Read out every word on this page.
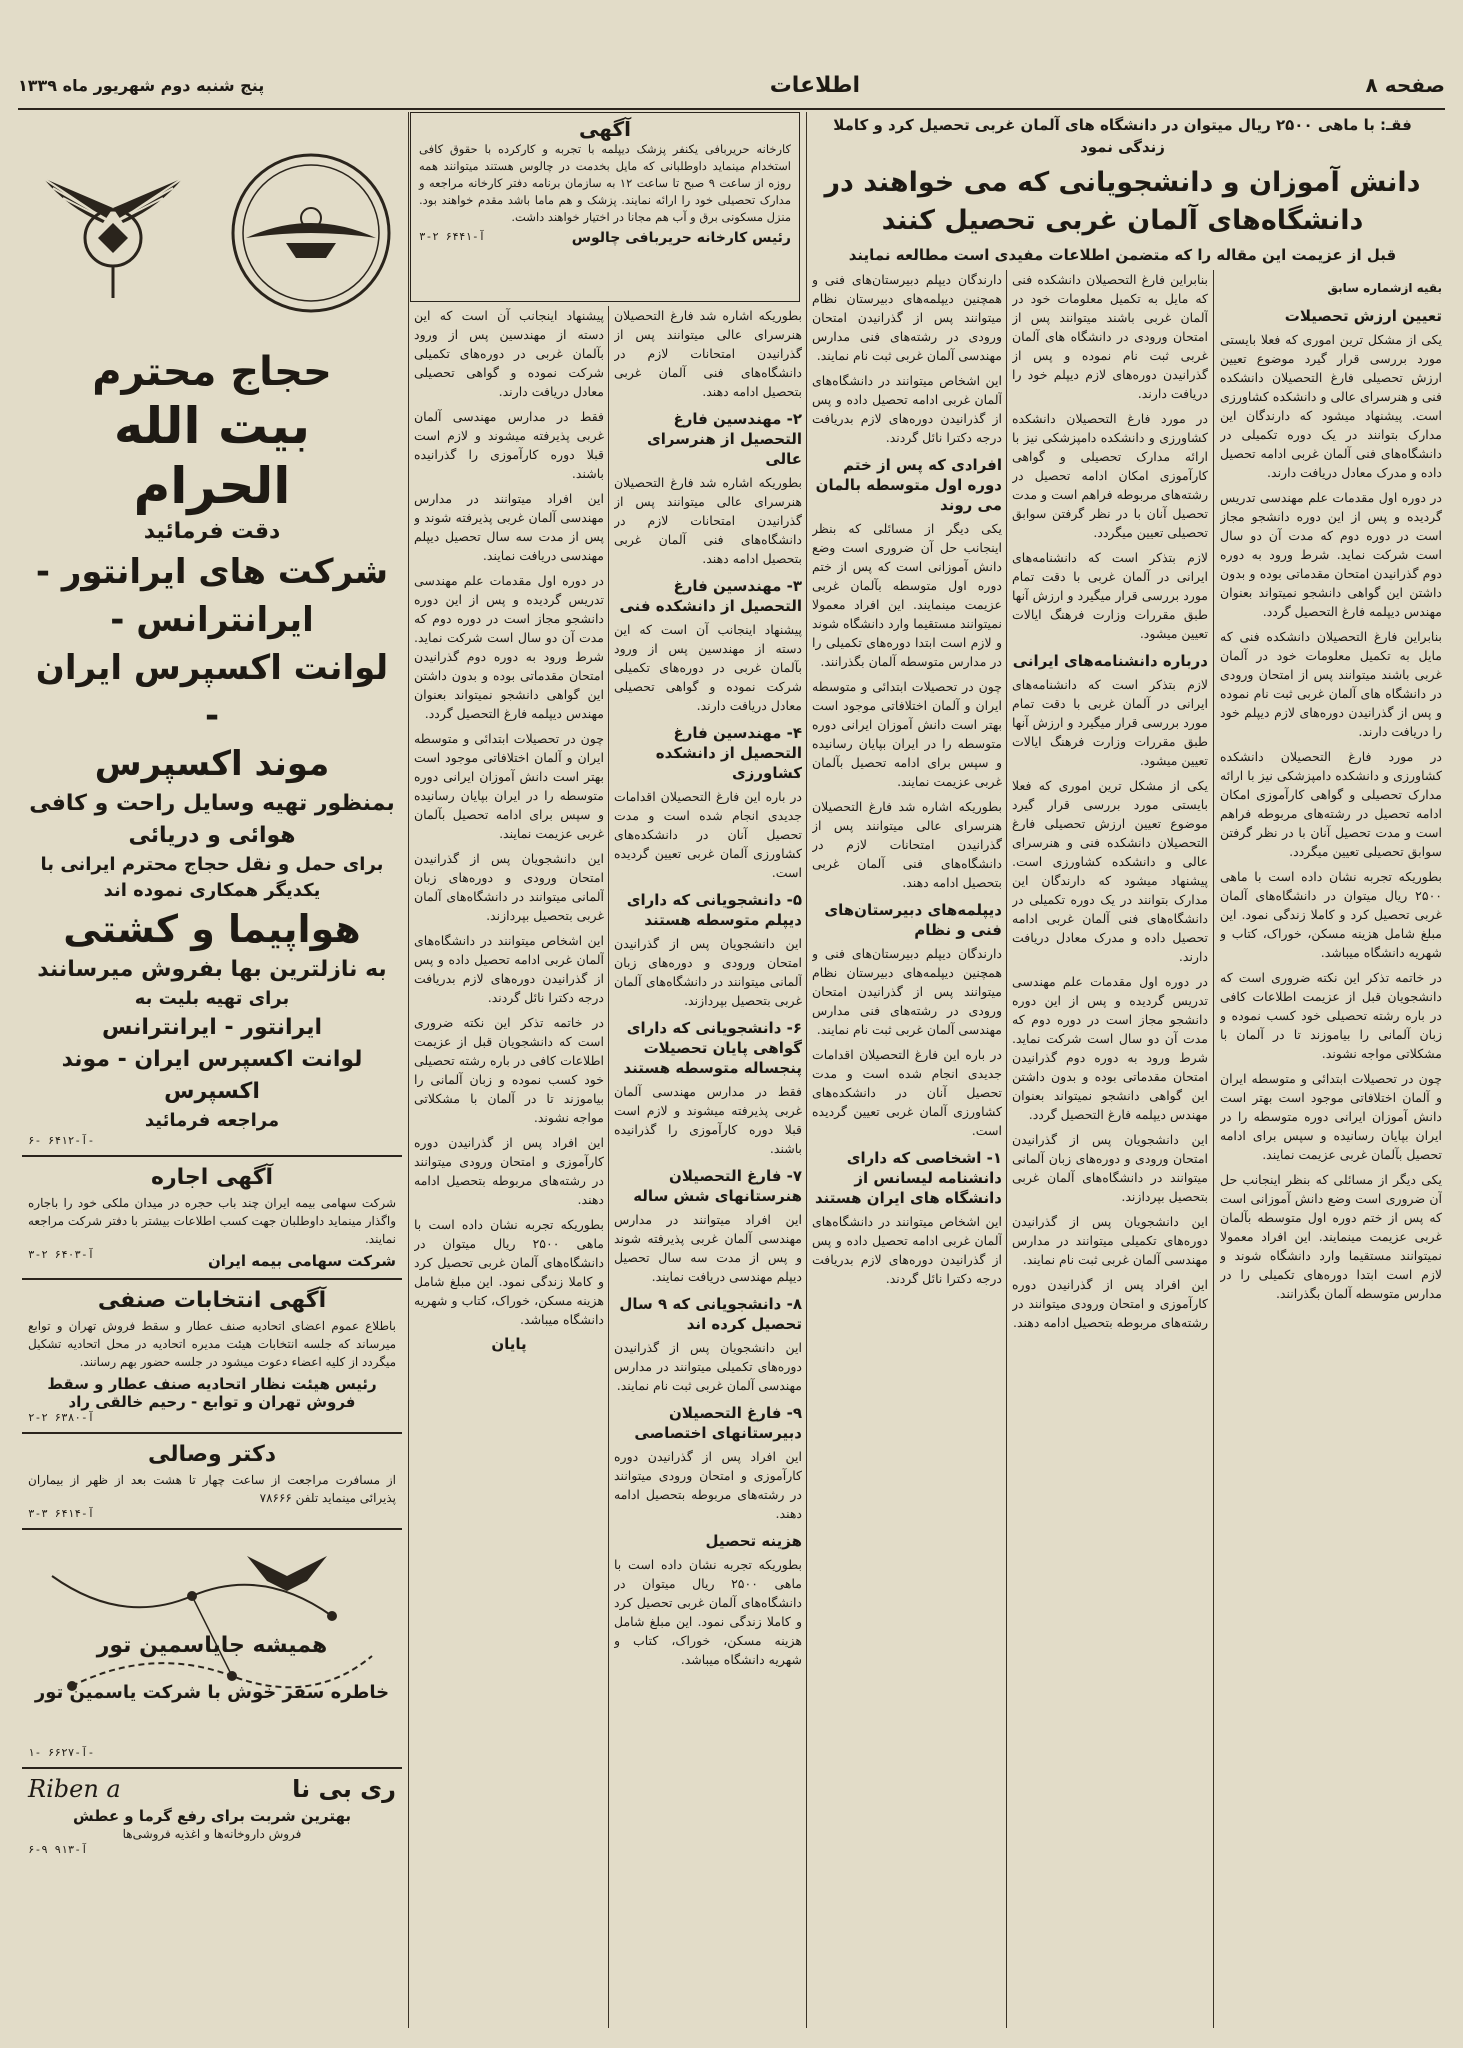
صفحه ۸
اطلاعات
پنج شنبه دوم شهریور ماه ۱۳۳۹
فقـ: با ماهی ۲۵۰۰ ریال میتوان در دانشگاه های آلمان غربی تحصیل کرد و کاملا زندگی نمود
دانش آموزان و دانشجویانی که می خواهند در دانشگاه‌های آلمان غربی تحصیل کنند
قبل از عزیمت این مقاله را که متضمن اطلاعات مفیدی است مطالعه نمایند
بقیه ازشماره سابق
تعیین ارزش تحصیلات

یکی از مشکل ترین اموری که فعلا بایستی مورد بررسی قرار گیرد موضوع تعیین ارزش تحصیلی فارغ التحصیلان دانشکده فنی و هنرسرای عالی و دانشکده کشاورزی است. پیشنهاد میشود که دارندگان این مدارک بتوانند در یک دوره تکمیلی در دانشگاه‌های فنی آلمان غربی ادامه تحصیل داده و مدرک معادل دریافت دارند.

در دوره اول مقدمات علم مهندسی تدریس گردیده و پس از این دوره دانشجو مجاز است در دوره دوم که مدت آن دو سال است شرکت نماید. شرط ورود به دوره دوم گذرانیدن امتحان مقدماتی بوده و بدون داشتن این گواهی دانشجو نمیتواند بعنوان مهندس دیپلمه فارغ التحصیل گردد.

بنابراین فارغ التحصیلان دانشکده فنی که مایل به تکمیل معلومات خود در آلمان غربی باشند میتوانند پس از امتحان ورودی در دانشگاه های آلمان غربی ثبت نام نموده و پس از گذرانیدن دوره‌های لازم دیپلم خود را دریافت دارند.

در مورد فارغ التحصیلان دانشکده کشاورزی و دانشکده دامپزشکی نیز با ارائه مدارک تحصیلی و گواهی کارآموزی امکان ادامه تحصیل در رشته‌های مربوطه فراهم است و مدت تحصیل آنان با در نظر گرفتن سوابق تحصیلی تعیین میگردد.

بطوریکه تجربه نشان داده است با ماهی ۲۵۰۰ ریال میتوان در دانشگاه‌های آلمان غربی تحصیل کرد و کاملا زندگی نمود. این مبلغ شامل هزینه مسکن، خوراک، کتاب و شهریه دانشگاه میباشد.

در خاتمه تذکر این نکته ضروری است که دانشجویان قبل از عزیمت اطلاعات کافی در باره رشته تحصیلی خود کسب نموده و زبان آلمانی را بیاموزند تا در آلمان با مشکلاتی مواجه نشوند.

چون در تحصیلات ابتدائی و متوسطه ایران و آلمان اختلافاتی موجود است بهتر است دانش آموزان ایرانی دوره متوسطه را در ایران بپایان رسانیده و سپس برای ادامه تحصیل بآلمان غربی عزیمت نمایند.

یکی دیگر از مسائلی که بنظر اینجانب حل آن ضروری است وضع دانش آموزانی است که پس از ختم دوره اول متوسطه بآلمان غربی عزیمت مینمایند. این افراد معمولا نمیتوانند مستقیما وارد دانشگاه شوند و لازم است ابتدا دوره‌های تکمیلی را در مدارس متوسطه آلمان بگذرانند.

بنابراین فارغ التحصیلان دانشکده فنی که مایل به تکمیل معلومات خود در آلمان غربی باشند میتوانند پس از امتحان ورودی در دانشگاه های آلمان غربی ثبت نام نموده و پس از گذرانیدن دوره‌های لازم دیپلم خود را دریافت دارند.

در مورد فارغ التحصیلان دانشکده کشاورزی و دانشکده دامپزشکی نیز با ارائه مدارک تحصیلی و گواهی کارآموزی امکان ادامه تحصیل در رشته‌های مربوطه فراهم است و مدت تحصیل آنان با در نظر گرفتن سوابق تحصیلی تعیین میگردد.

لازم بتذکر است که دانشنامه‌های ایرانی در آلمان غربی با دقت تمام مورد بررسی قرار میگیرد و ارزش آنها طبق مقررات وزارت فرهنگ ایالات تعیین میشود.

درباره دانشنامه‌های ایرانی

لازم بتذکر است که دانشنامه‌های ایرانی در آلمان غربی با دقت تمام مورد بررسی قرار میگیرد و ارزش آنها طبق مقررات وزارت فرهنگ ایالات تعیین میشود.

یکی از مشکل ترین اموری که فعلا بایستی مورد بررسی قرار گیرد موضوع تعیین ارزش تحصیلی فارغ التحصیلان دانشکده فنی و هنرسرای عالی و دانشکده کشاورزی است. پیشنهاد میشود که دارندگان این مدارک بتوانند در یک دوره تکمیلی در دانشگاه‌های فنی آلمان غربی ادامه تحصیل داده و مدرک معادل دریافت دارند.

در دوره اول مقدمات علم مهندسی تدریس گردیده و پس از این دوره دانشجو مجاز است در دوره دوم که مدت آن دو سال است شرکت نماید. شرط ورود به دوره دوم گذرانیدن امتحان مقدماتی بوده و بدون داشتن این گواهی دانشجو نمیتواند بعنوان مهندس دیپلمه فارغ التحصیل گردد.

این دانشجویان پس از گذرانیدن امتحان ورودی و دوره‌های زبان آلمانی میتوانند در دانشگاه‌های آلمان غربی بتحصیل بپردازند.

این دانشجویان پس از گذرانیدن دوره‌های تکمیلی میتوانند در مدارس مهندسی آلمان غربی ثبت نام نمایند.

این افراد پس از گذرانیدن دوره کارآموزی و امتحان ورودی میتوانند در رشته‌های مربوطه بتحصیل ادامه دهند.

دارندگان دیپلم دبیرستان‌های فنی و همچنین دیپلمه‌های دبیرستان نظام میتوانند پس از گذرانیدن امتحان ورودی در رشته‌های فنی مدارس مهندسی آلمان غربی ثبت نام نمایند.

این اشخاص میتوانند در دانشگاه‌های آلمان غربی ادامه تحصیل داده و پس از گذرانیدن دوره‌های لازم بدریافت درجه دکترا نائل گردند.

افرادی که پس از ختم دوره اول متوسطه بالمان می روند

یکی دیگر از مسائلی که بنظر اینجانب حل آن ضروری است وضع دانش آموزانی است که پس از ختم دوره اول متوسطه بآلمان غربی عزیمت مینمایند. این افراد معمولا نمیتوانند مستقیما وارد دانشگاه شوند و لازم است ابتدا دوره‌های تکمیلی را در مدارس متوسطه آلمان بگذرانند.

چون در تحصیلات ابتدائی و متوسطه ایران و آلمان اختلافاتی موجود است بهتر است دانش آموزان ایرانی دوره متوسطه را در ایران بپایان رسانیده و سپس برای ادامه تحصیل بآلمان غربی عزیمت نمایند.

بطوریکه اشاره شد فارغ التحصیلان هنرسرای عالی میتوانند پس از گذرانیدن امتحانات لازم در دانشگاه‌های فنی آلمان غربی بتحصیل ادامه دهند.

دیپلمه‌های دبیرستان‌های فنی و نظام

دارندگان دیپلم دبیرستان‌های فنی و همچنین دیپلمه‌های دبیرستان نظام میتوانند پس از گذرانیدن امتحان ورودی در رشته‌های فنی مدارس مهندسی آلمان غربی ثبت نام نمایند.

در باره این فارغ التحصیلان اقدامات جدیدی انجام شده است و مدت تحصیل آنان در دانشکده‌های کشاورزی آلمان غربی تعیین گردیده است.

۱- اشخاصی که دارای دانشنامه لیسانس از دانشگاه های ایران هستند

این اشخاص میتوانند در دانشگاه‌های آلمان غربی ادامه تحصیل داده و پس از گذرانیدن دوره‌های لازم بدریافت درجه دکترا نائل گردند.

آگهی
کارخانه حریربافی یکنفر پزشک دیپلمه با تجربه و کارکرده با حقوق کافی استخدام مینماید داوطلبانی که مایل بخدمت در چالوس هستند میتوانند همه روزه از ساعت ۹ صبح تا ساعت ۱۲ به سازمان برنامه دفتر کارخانه مراجعه و مدارک تحصیلی خود را ارائه نمایند. پزشک و هم ماما باشد مقدم خواهند بود. منزل مسکونی برق و آب هم مجانا در اختیار خواهند داشت.
رئیس کارخانه حریربافی چالوس
آ-۶۴۴۱ ۲-۳

بطوریکه اشاره شد فارغ التحصیلان هنرسرای عالی میتوانند پس از گذرانیدن امتحانات لازم در دانشگاه‌های فنی آلمان غربی بتحصیل ادامه دهند.

۲- مهندسین فارغ التحصیل از هنرسرای عالی

بطوریکه اشاره شد فارغ التحصیلان هنرسرای عالی میتوانند پس از گذرانیدن امتحانات لازم در دانشگاه‌های فنی آلمان غربی بتحصیل ادامه دهند.

۳- مهندسین فارغ التحصیل از دانشکده فنی

پیشنهاد اینجانب آن است که این دسته از مهندسین پس از ورود بآلمان غربی در دوره‌های تکمیلی شرکت نموده و گواهی تحصیلی معادل دریافت دارند.

۴- مهندسین فارغ التحصیل از دانشکده کشاورزی

در باره این فارغ التحصیلان اقدامات جدیدی انجام شده است و مدت تحصیل آنان در دانشکده‌های کشاورزی آلمان غربی تعیین گردیده است.

۵- دانشجویانی که دارای دیپلم متوسطه هستند

این دانشجویان پس از گذرانیدن امتحان ورودی و دوره‌های زبان آلمانی میتوانند در دانشگاه‌های آلمان غربی بتحصیل بپردازند.

۶- دانشجویانی که دارای گواهی پایان تحصیلات پنجساله متوسطه هستند

فقط در مدارس مهندسی آلمان غربی پذیرفته میشوند و لازم است قبلا دوره کارآموزی را گذرانیده باشند.

۷- فارغ التحصیلان هنرستانهای شش ساله

این افراد میتوانند در مدارس مهندسی آلمان غربی پذیرفته شوند و پس از مدت سه سال تحصیل دیپلم مهندسی دریافت نمایند.

۸- دانشجویانی که ۹ سال تحصیل کرده اند

این دانشجویان پس از گذرانیدن دوره‌های تکمیلی میتوانند در مدارس مهندسی آلمان غربی ثبت نام نمایند.

۹- فارغ التحصیلان دبیرستانهای اختصاصی

این افراد پس از گذرانیدن دوره کارآموزی و امتحان ورودی میتوانند در رشته‌های مربوطه بتحصیل ادامه دهند.

هزینه تحصیل

بطوریکه تجربه نشان داده است با ماهی ۲۵۰۰ ریال میتوان در دانشگاه‌های آلمان غربی تحصیل کرد و کاملا زندگی نمود. این مبلغ شامل هزینه مسکن، خوراک، کتاب و شهریه دانشگاه میباشد.

پیشنهاد اینجانب آن است که این دسته از مهندسین پس از ورود بآلمان غربی در دوره‌های تکمیلی شرکت نموده و گواهی تحصیلی معادل دریافت دارند.

فقط در مدارس مهندسی آلمان غربی پذیرفته میشوند و لازم است قبلا دوره کارآموزی را گذرانیده باشند.

این افراد میتوانند در مدارس مهندسی آلمان غربی پذیرفته شوند و پس از مدت سه سال تحصیل دیپلم مهندسی دریافت نمایند.

در دوره اول مقدمات علم مهندسی تدریس گردیده و پس از این دوره دانشجو مجاز است در دوره دوم که مدت آن دو سال است شرکت نماید. شرط ورود به دوره دوم گذرانیدن امتحان مقدماتی بوده و بدون داشتن این گواهی دانشجو نمیتواند بعنوان مهندس دیپلمه فارغ التحصیل گردد.

چون در تحصیلات ابتدائی و متوسطه ایران و آلمان اختلافاتی موجود است بهتر است دانش آموزان ایرانی دوره متوسطه را در ایران بپایان رسانیده و سپس برای ادامه تحصیل بآلمان غربی عزیمت نمایند.

این دانشجویان پس از گذرانیدن امتحان ورودی و دوره‌های زبان آلمانی میتوانند در دانشگاه‌های آلمان غربی بتحصیل بپردازند.

این اشخاص میتوانند در دانشگاه‌های آلمان غربی ادامه تحصیل داده و پس از گذرانیدن دوره‌های لازم بدریافت درجه دکترا نائل گردند.

در خاتمه تذکر این نکته ضروری است که دانشجویان قبل از عزیمت اطلاعات کافی در باره رشته تحصیلی خود کسب نموده و زبان آلمانی را بیاموزند تا در آلمان با مشکلاتی مواجه نشوند.

این افراد پس از گذرانیدن دوره کارآموزی و امتحان ورودی میتوانند در رشته‌های مربوطه بتحصیل ادامه دهند.

بطوریکه تجربه نشان داده است با ماهی ۲۵۰۰ ریال میتوان در دانشگاه‌های آلمان غربی تحصیل کرد و کاملا زندگی نمود. این مبلغ شامل هزینه مسکن، خوراک، کتاب و شهریه دانشگاه میباشد.

پایان
حجاج محترم
بیت الله الحرام
دقت فرمائید
شرکت های ایرانتور -
ایرانترانس -
لوانت اکسپرس ایران -
موند اکسپرس
بمنظور تهیه وسایل راحت و کافی
هوائی و دریائی
برای حمل و نقل حجاج محترم ایرانی با یکدیگر همکاری نموده اند
هواپیما و کشتی
به نازلترین بها بفروش میرسانند
برای تهیه بلیت به
ایرانتور - ایرانترانس
لوانت اکسپرس ایران - موند اکسپرس
مراجعه فرمائید
آ-۶۴۱۲ -۶-
آگهی اجاره
شرکت سهامی بیمه ایران چند باب حجره در میدان ملکی خود را باجاره واگذار مینماید داوطلبان جهت کسب اطلاعات بیشتر با دفتر شرکت مراجعه نمایند.
شرکت سهامی بیمه ایران
آ-۶۴۰۳ ۲-۳
آگهی انتخابات صنفی
باطلاع عموم اعضای اتحادیه صنف عطار و سقط فروش تهران و توابع میرساند که جلسه انتخابات هیئت مدیره اتحادیه در محل اتحادیه تشکیل میگردد از کلیه اعضاء دعوت میشود در جلسه حضور بهم رسانند.
رئیس هیئت نظار اتحادیه صنف عطار و سقط فروش تهران و توابع - رحیم خالقی راد
آ-۶۳۸۰ ۲-۲
دکتر وصالی
از مسافرت مراجعت از ساعت چهار تا هشت بعد از ظهر از بیماران پذیرائی مینماید تلفن ۷۸۶۶۶
آ-۶۴۱۴ ۳-۳
همیشه جایاسمین تور
خاطره سفر خوش با شرکت یاسمین تور
آ-۶۶۲۷ -۱-
Riben a	ری بی نا
بهترین شربت برای رفع گرما و عطش
فروش داروخانه‌ها و اغذیه فروشی‌ها
آ-۹۱۳ ۹-۶
